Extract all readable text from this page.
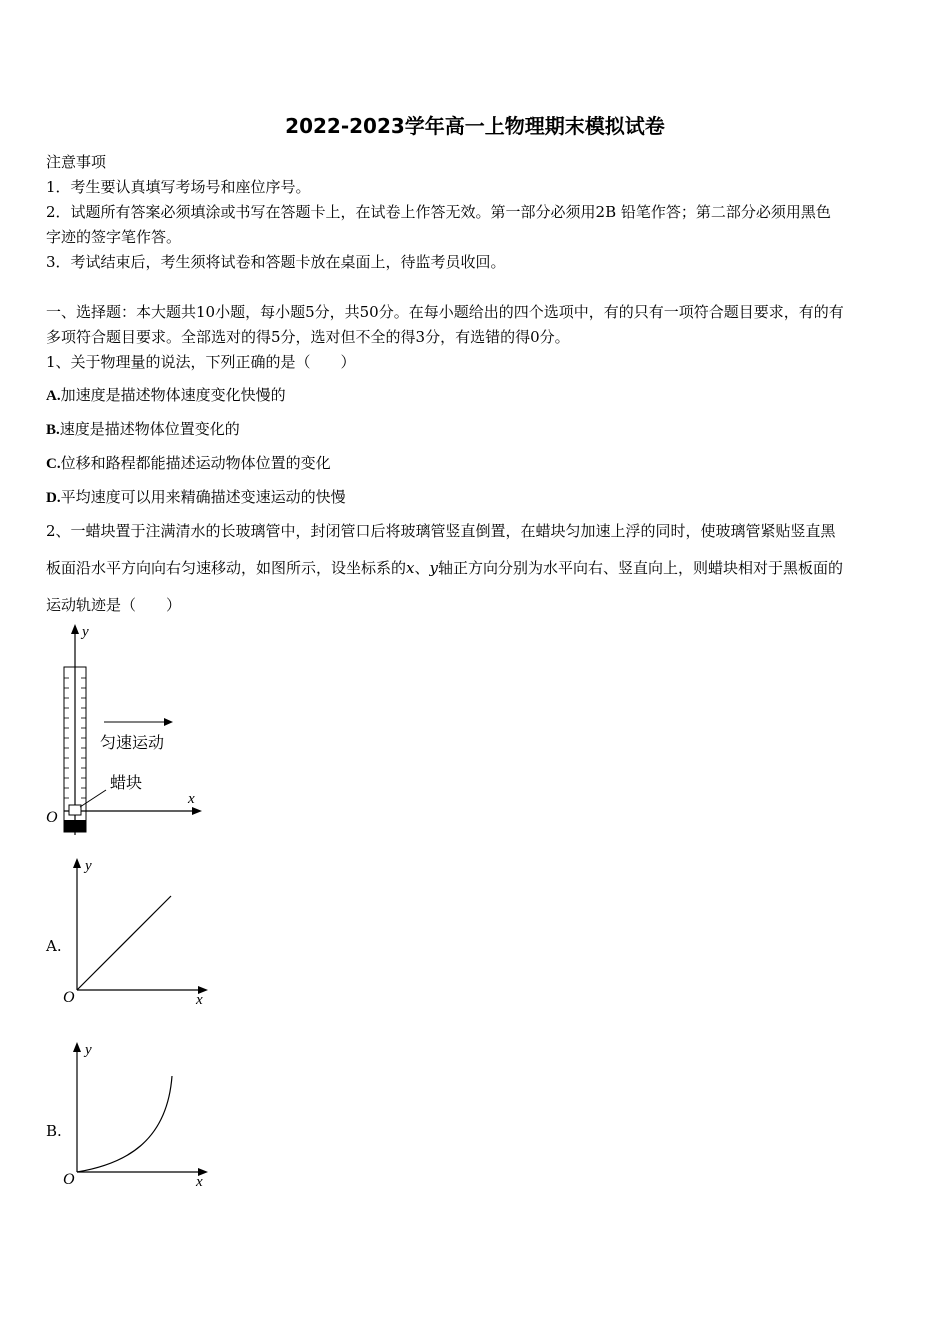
2022-2023学年高一上物理期末模拟试卷
注意事项
1．考生要认真填写考场号和座位序号。
2．试题所有答案必须填涂或书写在答题卡上，在试卷上作答无效。第一部分必须用2B 铅笔作答；第二部分必须用黑色
字迹的签字笔作答。
3．考试结束后，考生须将试卷和答题卡放在桌面上，待监考员收回。
一、选择题：本大题共10小题，每小题5分，共50分。在每小题给出的四个选项中，有的只有一项符合题目要求，有的有
多项符合题目要求。全部选对的得5分，选对但不全的得3分，有选错的得0分。
1、关于物理量的说法，下列正确的是（　　）
A.加速度是描述物体速度变化快慢的
B.速度是描述物体位置变化的
C.位移和路程都能描述运动物体位置的变化
D.平均速度可以用来精确描述变速运动的快慢
2、一蜡块置于注满清水的长玻璃管中，封闭管口后将玻璃管竖直倒置，在蜡块匀加速上浮的同时，使玻璃管紧贴竖直黑
板面沿水平方向向右匀速移动，如图所示，设坐标系的x、y轴正方向分别为水平向右、竖直向上，则蜡块相对于黑板面的
运动轨迹是（　　）
y
x
O
蜡块
匀速运动
A.
y
x
O
B.
y
x
O
